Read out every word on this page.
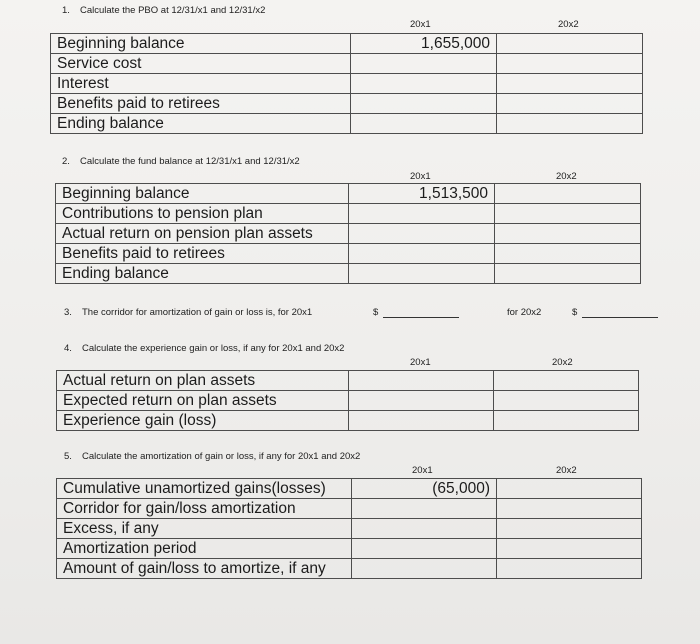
1. Calculate the PBO at 12/31/x1 and 12/31/x2
20x1	20x2
Beginning balance	1,655,000	
Service cost		
Interest		
Benefits paid to retirees		
Ending balance		
2. Calculate the fund balance at 12/31/x1 and 12/31/x2
20x1	20x2
Beginning balance	1,513,500	
Contributions to pension plan		
Actual return on pension plan assets		
Benefits paid to retirees		
Ending balance		
3. The corridor for amortization of gain or loss is, for 20x1	$	for 20x2	$
4. Calculate the experience gain or loss, if any for 20x1 and 20x2
20x1	20x2
Actual return on plan assets		
Expected return on plan assets		
Experience gain (loss)		
5. Calculate the amortization of gain or loss, if any for 20x1 and 20x2
20x1	20x2
Cumulative unamortized gains(losses)	(65,000)	
Corridor for gain/loss amortization		
Excess, if any		
Amortization period		
Amount of gain/loss to amortize, if any		
